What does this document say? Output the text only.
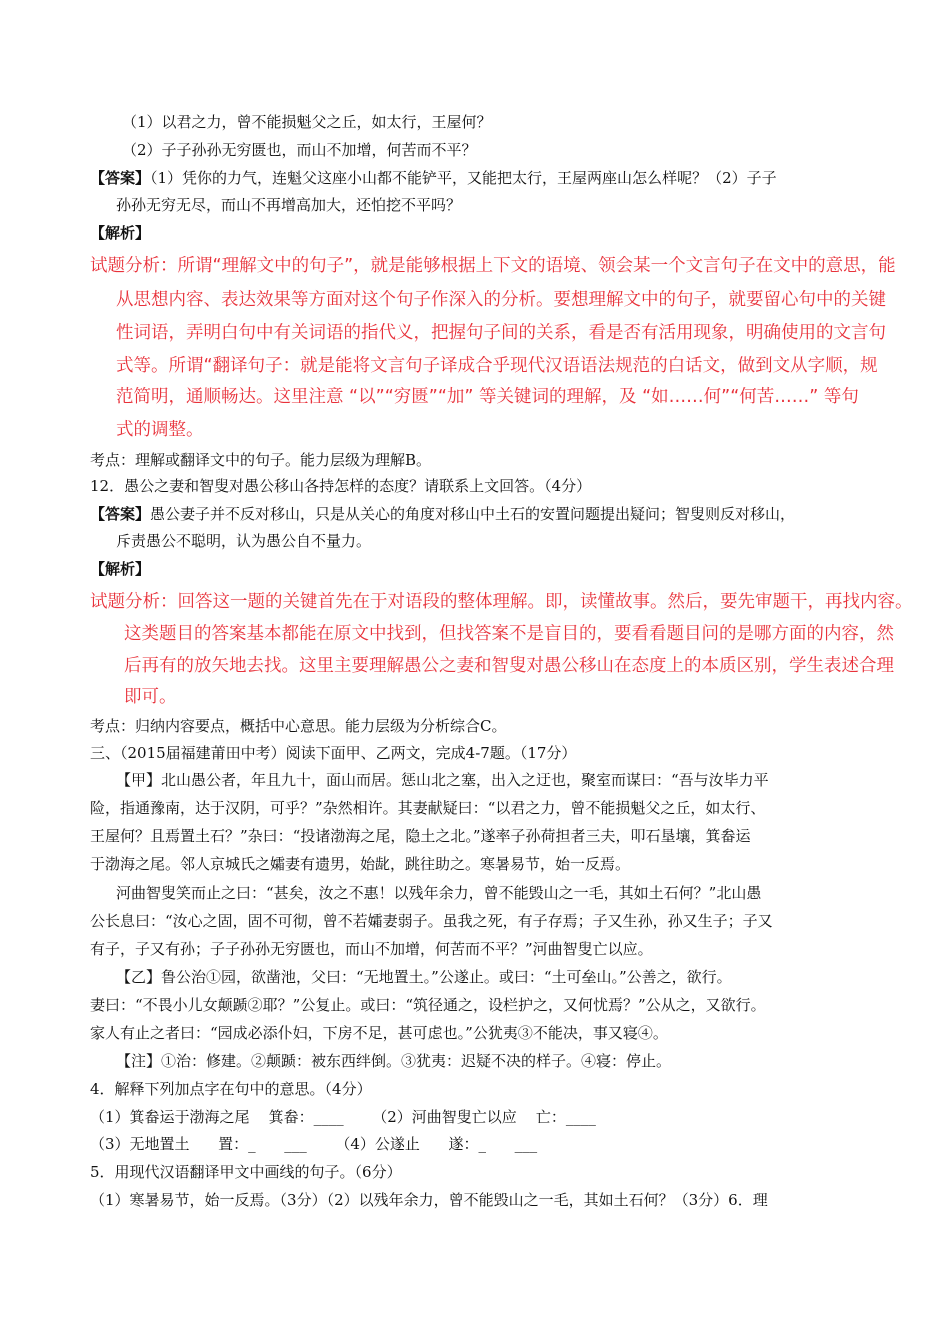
（1）以君之力，曾不能损魁父之丘，如太行，王屋何？
（2）子子孙孙无穷匮也，而山不加增，何苦而不平？
【答案】（1）凭你的力气，连魁父这座小山都不能铲平，又能把太行，王屋两座山怎么样呢？（2）子子
孙孙无穷无尽，而山不再增高加大，还怕挖不平吗？
【解析】
试题分析：所谓“理解文中的句子”，就是能够根据上下文的语境、领会某一个文言句子在文中的意思，能
从思想内容、表达效果等方面对这个句子作深入的分析。要想理解文中的句子，就要留心句中的关键
性词语，弄明白句中有关词语的指代义，把握句子间的关系，看是否有活用现象，明确使用的文言句
式等。所谓“翻译句子：就是能将文言句子译成合乎现代汉语语法规范的白话文，做到文从字顺，规
范简明，通顺畅达。这里注意 “以”“穷匮”“加” 等关键词的理解，及 “如……何”“何苦……” 等句
式的调整。
考点：理解或翻译文中的句子。能力层级为理解B。
12．愚公之妻和智叟对愚公移山各持怎样的态度？请联系上文回答。（4分）
【答案】愚公妻子并不反对移山，只是从关心的角度对移山中土石的安置问题提出疑问；智叟则反对移山，
斥责愚公不聪明，认为愚公自不量力。
【解析】
试题分析：回答这一题的关键首先在于对语段的整体理解。即，读懂故事。然后，要先审题干，再找内容。
这类题目的答案基本都能在原文中找到，但找答案不是盲目的，要看看题目问的是哪方面的内容，然
后再有的放矢地去找。这里主要理解愚公之妻和智叟对愚公移山在态度上的本质区别，学生表述合理
即可。
考点：归纳内容要点，概括中心意思。能力层级为分析综合C。
三、（2015届福建莆田中考）阅读下面甲、乙两文，完成4-7题。（17分）
【甲】北山愚公者，年且九十，面山而居。惩山北之塞，出入之迂也，聚室而谋曰：“吾与汝毕力平
险，指通豫南，达于汉阴，可乎？”杂然相许。其妻献疑曰：“以君之力，曾不能损魁父之丘，如太行、
王屋何？且焉置土石？”杂曰：“投诸渤海之尾，隐土之北。”遂率子孙荷担者三夫，叩石垦壤，箕畚运
于渤海之尾。邻人京城氏之孀妻有遗男，始龀，跳往助之。寒暑易节，始一反焉。
河曲智叟笑而止之曰：“甚矣，汝之不惠！以残年余力，曾不能毁山之一毛，其如土石何？”北山愚
公长息曰：“汝心之固，固不可彻，曾不若孀妻弱子。虽我之死，有子存焉；子又生孙，孙又生子；子又
有子，子又有孙；子子孙孙无穷匮也，而山不加增，何苦而不平？”河曲智叟亡以应。
【乙】鲁公治①园，欲凿池，父曰：“无地置土。”公遂止。或曰：“土可垒山。”公善之，欲行。
妻曰：“不畏小儿女颠踬②耶？”公复止。或曰：“筑径通之，设栏护之，又何忧焉？”公从之，又欲行。
家人有止之者曰：“园成必添仆妇，下房不足，甚可虑也。”公犹夷③不能决，事又寝④。
【注】①治：修建。②颠踬：被东西绊倒。③犹夷：迟疑不决的样子。④寝：停止。
4．解释下列加点字在句中的意思。（4分）
（1）箕畚运于渤海之尾    箕畚：____      （2）河曲智叟亡以应    亡：____
（3）无地置土      置：_      ___      （4）公遂止      遂：_      ___
5．用现代汉语翻译甲文中画线的句子。（6分）
（1）寒暑易节，始一反焉。（3分）（2）以残年余力，曾不能毁山之一毛，其如土石何？（3分）6．理
